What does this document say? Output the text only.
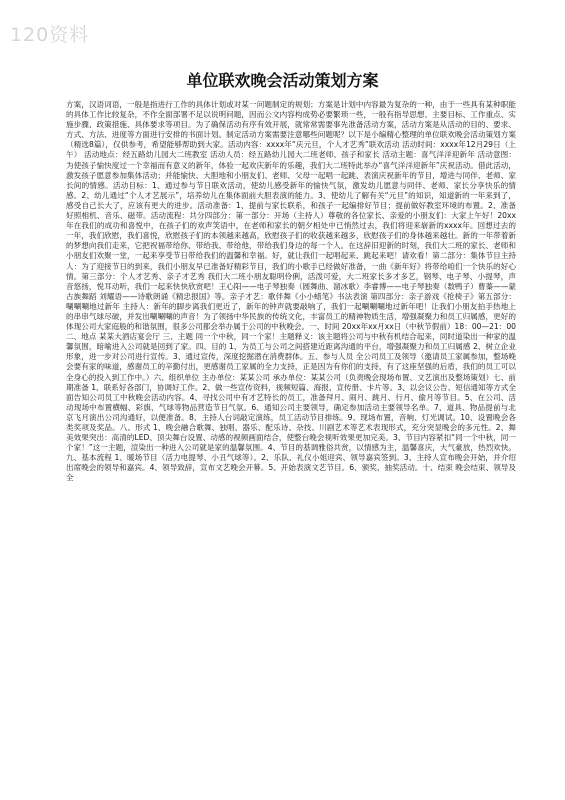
120资料
单位联欢晚会活动策划方案

方案，汉语词语，一般是指进行工作的具体计划或对某一问题制定的规划；方案是计划中内容最为复杂的一种，由于一些具有某种职能的具体工作比较复杂，不作全面部署不足以说明问题，因而公文内容构成势必要繁琐一些，一般有指导思想、主要目标、工作重点、实施步骤、政策措施、具体要求等项目。为了确保活动有序有效开展，就常常需要事先准备活动方案，活动方案是从活动的目的、要求、方式、方法、进度等方面进行安排的书面计划。制定活动方案需要注意哪些问题呢？以下是小编精心整理的单位联欢晚会活动策划方案（精选8篇），仅供参考，希望能够帮助到大家。活动内容：xxxx年“庆元旦，个人才艺秀”联欢活动 活动时间：xxxx年12月29日（上午） 活动地点：经五路幼儿园大二班教室 活动人员：经五路幼儿园大二班老师、孩子和家长 活动主题：喜气洋洋迎新年 活动意图：为使孩子愉快度过一个幸福而有意义的新年，体验一起欢庆新年的乐趣，我们大二班特此举办“喜气洋洋迎新年”庆祝活动。借此活动，激发孩子愿意参加集体活动；并能愉快、大胆地和小朋友们、老师、父母一起唱一起跳、表演庆祝新年的节目，增进与同伴、老师、家长间的情感。活动目标：1、通过参与节日联欢活动，使幼儿感受新年的愉快气氛，激发幼儿愿意与同伴、老师、家长分享快乐的情感。2、幼儿通过“个人才艺展示”，培养幼儿在集体面前大胆表演的能力。3、使幼儿了解有关“元旦”的知识，知道新的一年来到了，感受自己长大了，应该有更大的进步。活动准备：1、提前与家长联系，和孩子一起编排好节目；提前做好教室环境的布置。2、准备好照相机、音乐、磁带。活动流程：共分四部分：第一部分：开场（主持人）尊敬的各位家长、亲爱的小朋友们：大家上午好！20xx年在我们的成功和喜悦中，在孩子们的欢声笑语中，在老师和家长的朝夕相处中已悄然过去，我们将迎来崭新的xxxx年。回想过去的一年，我们欣慰，我们喜悦，欣慰孩子们的本领越来越高，欣慰孩子们的收获越来越多，欣慰孩子们的身体越来越壮。新的一年带着新的梦想向我们走来，它把祝福带给你、带给我、带给他，带给我们身边的每一个人。在这辞旧迎新的时刻，我们大二班的家长、老师和小朋友们欢聚一堂，一起来享受节日带给我们的温馨和幸福。好，就让我们一起唱起来、跳起来吧！请欢看！第二部分：集体节目主持人：为了迎接节日的到来，我们小朋友早已准备好精彩节目，我们的小歌手已经做好准备，一曲《新年好》将带给咱们一个快乐的好心情。第三部分：个人才艺秀、亲子才艺秀 我们大二班小朋友聪明伶俐，活泼可爱，大二班家长多才多艺，钢琴、电子琴、小提琴，声音悠扬，悦耳动听，我们一起来快快欣赏吧！王心阳——电子琴独奏（圆舞曲、溜冰歌）李睿博——电子琴独奏（数鸭子）曹蓁——蒙古族舞蹈 刘耀语——诗歌朗诵《精忠报国》等。亲子才艺：歌伴舞《小小蜡笔》书法表演 第四部分：亲子游戏《抢椅子》第五部分：唰唰唰地过新年 主持人：新年的脚步离我们更近了，新年的钟声就要敲响了，我们一起唰唰唰地过新年吧！让我们小朋友拍手热地上的串串气球尽破，并发出唰唰唰的声音！为了领扬中华民族的传统文化，丰富员工的精神物质生活，增强凝聚力和员工归属感，更好的体现公司大家庭般的和谐氛围，很多公司都会举办属于公司的中秋晚会。一、时间 20xx年xx月xx日（中秋节假前）18：00—21：00 二、地点 某某大酒店宴会厅 三、主题 同一个中秋，同一个家！主题释义：该主题将公司与中秋有机结合起来，同时道染出一种家的温馨氛围，暗喻进入公司就是回到了家。四、目的 1、为员工与公司之间搭建近距离沟通的平台，增强凝聚力和员工归属感 2、树立企业形象，进一步对公司进行宣传。3、通过宣传，深度挖掘潜在消费群体。五、参与人员 全公司员工及领导（邀请员工家属参加，整场晚会要有家的味道，感谢员工的辛勤付出，更感谢员工家属的全力支持，正是因为有你们的支持，有了这座坚强的后盾，我们的员工可以全身心的投入到工作中。）六、组织单位 主办单位：某某公司 承办单位：某某公司（负责晚会现场布置、文艺演出及整场策划）七、前期准备 1、联系好各部门，协调好工作。2、做一些宣传资料，视频短篇、海报、宣传册、卡片等。3、以会议公告、短信通知等方式全面告知公司员工中秋晚会活动内容。4、寻找公司中有才艺特长的员工，准备拜月、闹月、跳月、行月、偷月等节目。5、在公司、活动现场中布置横幅、彩旗、气球等物品营造节日气氛。6、通知公司主要领导，确定参加活动主要领导名单。7、道具、物品提前与北京飞月演出公司沟通好，以便准备。8、主持人台词敲定演练，员工活动节目排练。9、现场布置，音响、灯光调试。10、设置晚会各类奖项及奖品。八、形式 1、晚会融合歌舞、独唱、器乐、配乐诗、杂技、川剧艺术等艺术表现形式，充分突显晚会的多元性。2、舞美效果突出：高清的LED、顶尖舞台设置、动感的视频画面结合，使整台晚会视听效果更加完美。3、节目内容紧扣“同一个中秋，同一个家！”这一主题，渲染出一种进入公司就是家的温馨氛围。4、节目的基调雅俗共赏，以情感为主，温馨喜庆，大气豪放，热烈欢快。九、基本流程 1、暖场节目（活力电提琴、小丑气球等）。2、乐队、礼仪小姐迎宾、领导嘉宾签到。3、主持人宣布晚会开始，并介绍出席晚会的领导和嘉宾。4、领导致辞，宣布文艺晚会开幕。5、开始表演文艺节目。6、颁奖、抽奖活动。十、结束 晚会结束、领导及全
